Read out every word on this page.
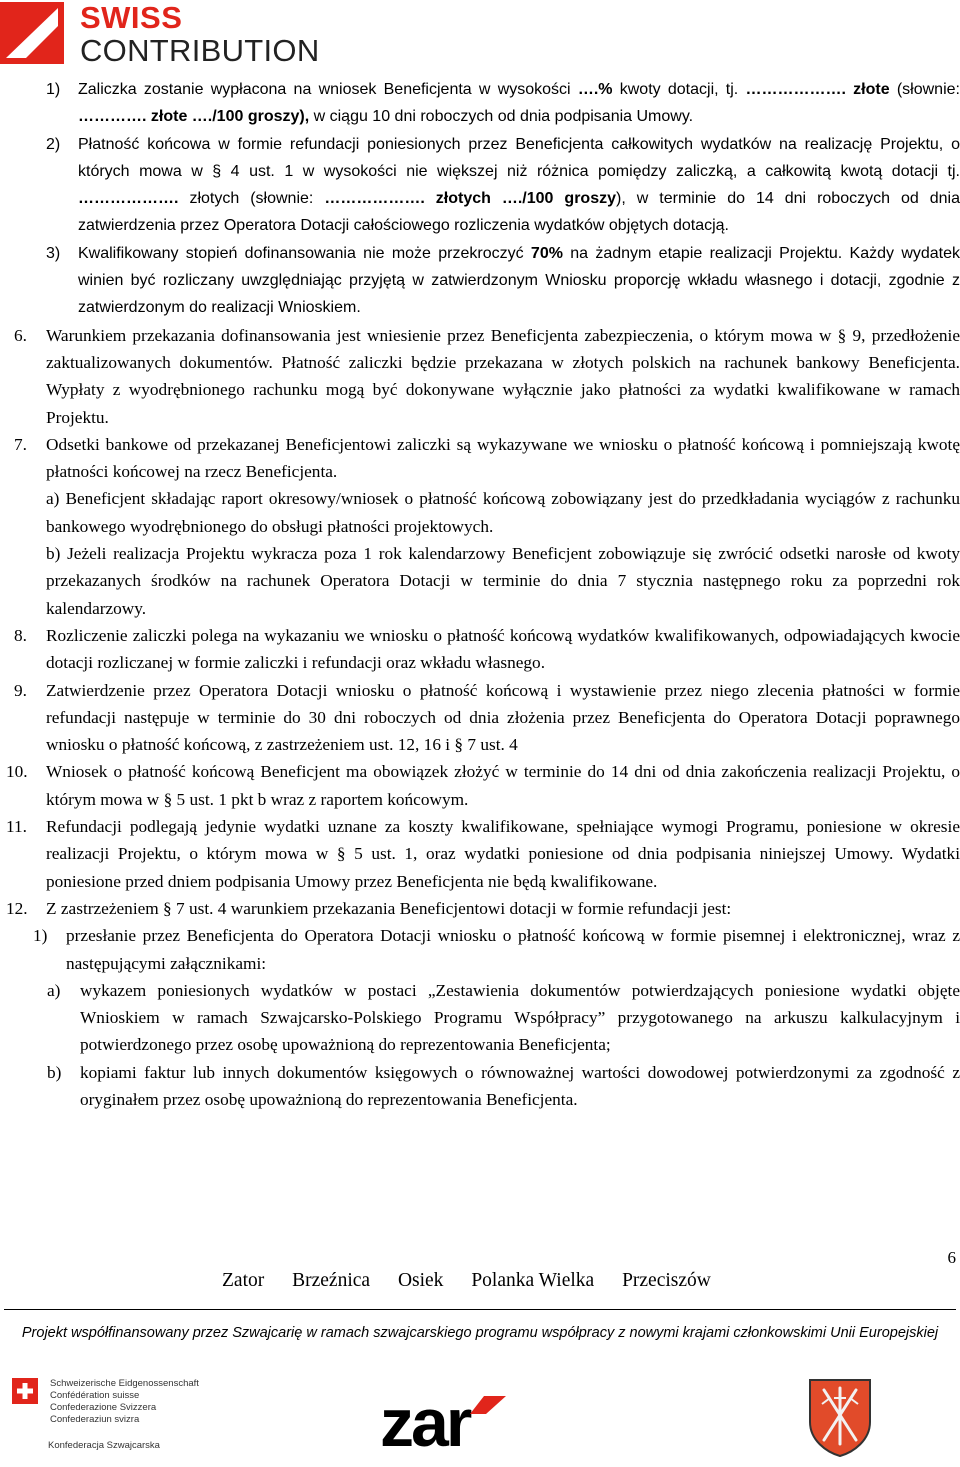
SWISS
CONTRIBUTION
1) Zaliczka zostanie wypłacona na wniosek Beneficjenta w wysokości ….% kwoty dotacji, tj. ………………. złote (słownie: …………. złote …./100 groszy), w ciągu 10 dni roboczych od dnia podpisania Umowy.
2) Płatność końcowa w formie refundacji poniesionych przez Beneficjenta całkowitych wydatków na realizację Projektu, o których mowa w § 4 ust. 1 w wysokości nie większej niż różnica pomiędzy zaliczką, a całkowitą kwotą dotacji tj. ………………. złotych (słownie: ………………. złotych …./100 groszy), w terminie do 14 dni roboczych od dnia zatwierdzenia przez Operatora Dotacji całościowego rozliczenia wydatków objętych dotacją.
3) Kwalifikowany stopień dofinansowania nie może przekroczyć 70% na żadnym etapie realizacji Projektu. Każdy wydatek winien być rozliczany uwzględniając przyjętą w zatwierdzonym Wniosku proporcję wkładu własnego i dotacji, zgodnie z zatwierdzonym do realizacji Wnioskiem.
6. Warunkiem przekazania dofinansowania jest wniesienie przez Beneficjenta zabezpieczenia, o którym mowa w § 9, przedłożenie zaktualizowanych dokumentów. Płatność zaliczki będzie przekazana w złotych polskich na rachunek bankowy Beneficjenta. Wypłaty z wyodrębnionego rachunku mogą być dokonywane wyłącznie jako płatności za wydatki kwalifikowane w ramach Projektu.
7. Odsetki bankowe od przekazanej Beneficjentowi zaliczki są wykazywane we wniosku o płatność końcową i pomniejszają kwotę płatności końcowej na rzecz Beneficjenta.
a) Beneficjent składając raport okresowy/wniosek o płatność końcową zobowiązany jest do przedkładania wyciągów z rachunku bankowego wyodrębnionego do obsługi płatności projektowych.
b) Jeżeli realizacja Projektu wykracza poza 1 rok kalendarzowy Beneficjent zobowiązuje się zwrócić odsetki narosłe od kwoty przekazanych środków na rachunek Operatora Dotacji w terminie do dnia 7 stycznia następnego roku za poprzedni rok kalendarzowy.
8. Rozliczenie zaliczki polega na wykazaniu we wniosku o płatność końcową wydatków kwalifikowanych, odpowiadających kwocie dotacji rozliczanej w formie zaliczki i refundacji oraz wkładu własnego.
9. Zatwierdzenie przez Operatora Dotacji wniosku o płatność końcową i wystawienie przez niego zlecenia płatności w formie refundacji następuje w terminie do 30 dni roboczych od dnia złożenia przez Beneficjenta do Operatora Dotacji poprawnego wniosku o płatność końcową, z zastrzeżeniem ust. 12, 16 i § 7 ust. 4
10. Wniosek o płatność końcową Beneficjent ma obowiązek złożyć w terminie do 14 dni od dnia zakończenia realizacji Projektu, o którym mowa w § 5 ust. 1 pkt b wraz z raportem końcowym.
11. Refundacji podlegają jedynie wydatki uznane za koszty kwalifikowane, spełniające wymogi Programu, poniesione w okresie realizacji Projektu, o którym mowa w § 5 ust. 1, oraz wydatki poniesione od dnia podpisania niniejszej Umowy. Wydatki poniesione przed dniem podpisania Umowy przez Beneficjenta nie będą kwalifikowane.
12. Z zastrzeżeniem § 7 ust. 4 warunkiem przekazania Beneficjentowi dotacji w formie refundacji jest:
1) przesłanie przez Beneficjenta do Operatora Dotacji wniosku o płatność końcową w formie pisemnej i elektronicznej, wraz z następującymi załącznikami:
a) wykazem poniesionych wydatków w postaci „Zestawienia dokumentów potwierdzających poniesione wydatki objęte Wnioskiem w ramach Szwajcarsko-Polskiego Programu Współpracy” przygotowanego na arkuszu kalkulacyjnym i potwierdzonego przez osobę upoważnioną do reprezentowania Beneficjenta;
b) kopiami faktur lub innych dokumentów księgowych o równoważnej wartości dowodowej potwierdzonymi za zgodność z oryginałem przez osobę upoważnioną do reprezentowania Beneficjenta.
6
Zator Brzeźnica Osiek Polanka Wielka Przeciszów
Projekt współfinansowany przez Szwajcarię w ramach szwajcarskiego programu współpracy z nowymi krajami członkowskimi Unii Europejskiej
Schweizerische Eidgenossenschaft
Confédération suisse
Confederazione Svizzera
Confederaziun svizra
Konfederacja Szwajcarska	zar
